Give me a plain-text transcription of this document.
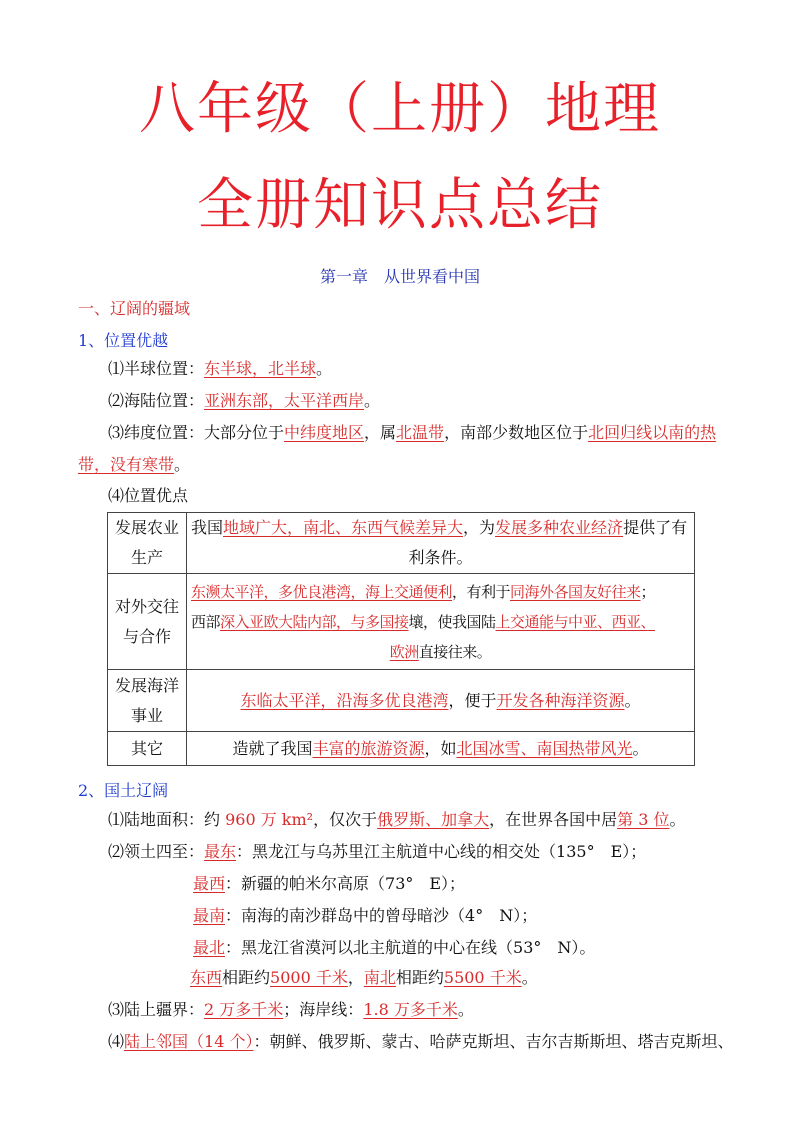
八年级（上册）地理
全册知识点总结
第一章　从世界看中国
一、辽阔的疆域
1、位置优越
⑴半球位置：东半球，北半球。
⑵海陆位置：亚洲东部，太平洋西岸。
⑶纬度位置：大部分位于中纬度地区，属北温带，南部少数地区位于北回归线以南的热
带，没有寒带。
⑷位置优点
发展农业
生产	我国地域广大，南北、东西气候差异大，为发展多种农业经济提供了有
利条件。

对外交往
与合作	东濒太平洋，多优良港湾，海上交通便利，有利于同海外各国友好往来；
西部深入亚欧大陆内部，与多国接壤，使我国陆上交通能与中亚、西亚、
欧洲直接往来。

发展海洋
事业	东临太平洋，沿海多优良港湾，便于开发各种海洋资源。
其它	造就了我国丰富的旅游资源，如北国冰雪、南国热带风光。
2、国土辽阔
⑴陆地面积：约 960 万 km²，仅次于俄罗斯、加拿大，在世界各国中居第 3 位。
⑵领土四至：最东：黑龙江与乌苏里江主航道中心线的相交处（135°　E）；
最西：新疆的帕米尔高原（73°　E）；
最南：南海的南沙群岛中的曾母暗沙（4°　N）；
最北：黑龙江省漠河以北主航道的中心在线（53°　N）。
东西相距约5000 千米，南北相距约5500 千米。
⑶陆上疆界：2 万多千米；海岸线：1.8 万多千米。
⑷陆上邻国（14 个）：朝鲜、俄罗斯、蒙古、哈萨克斯坦、吉尔吉斯斯坦、塔吉克斯坦、
